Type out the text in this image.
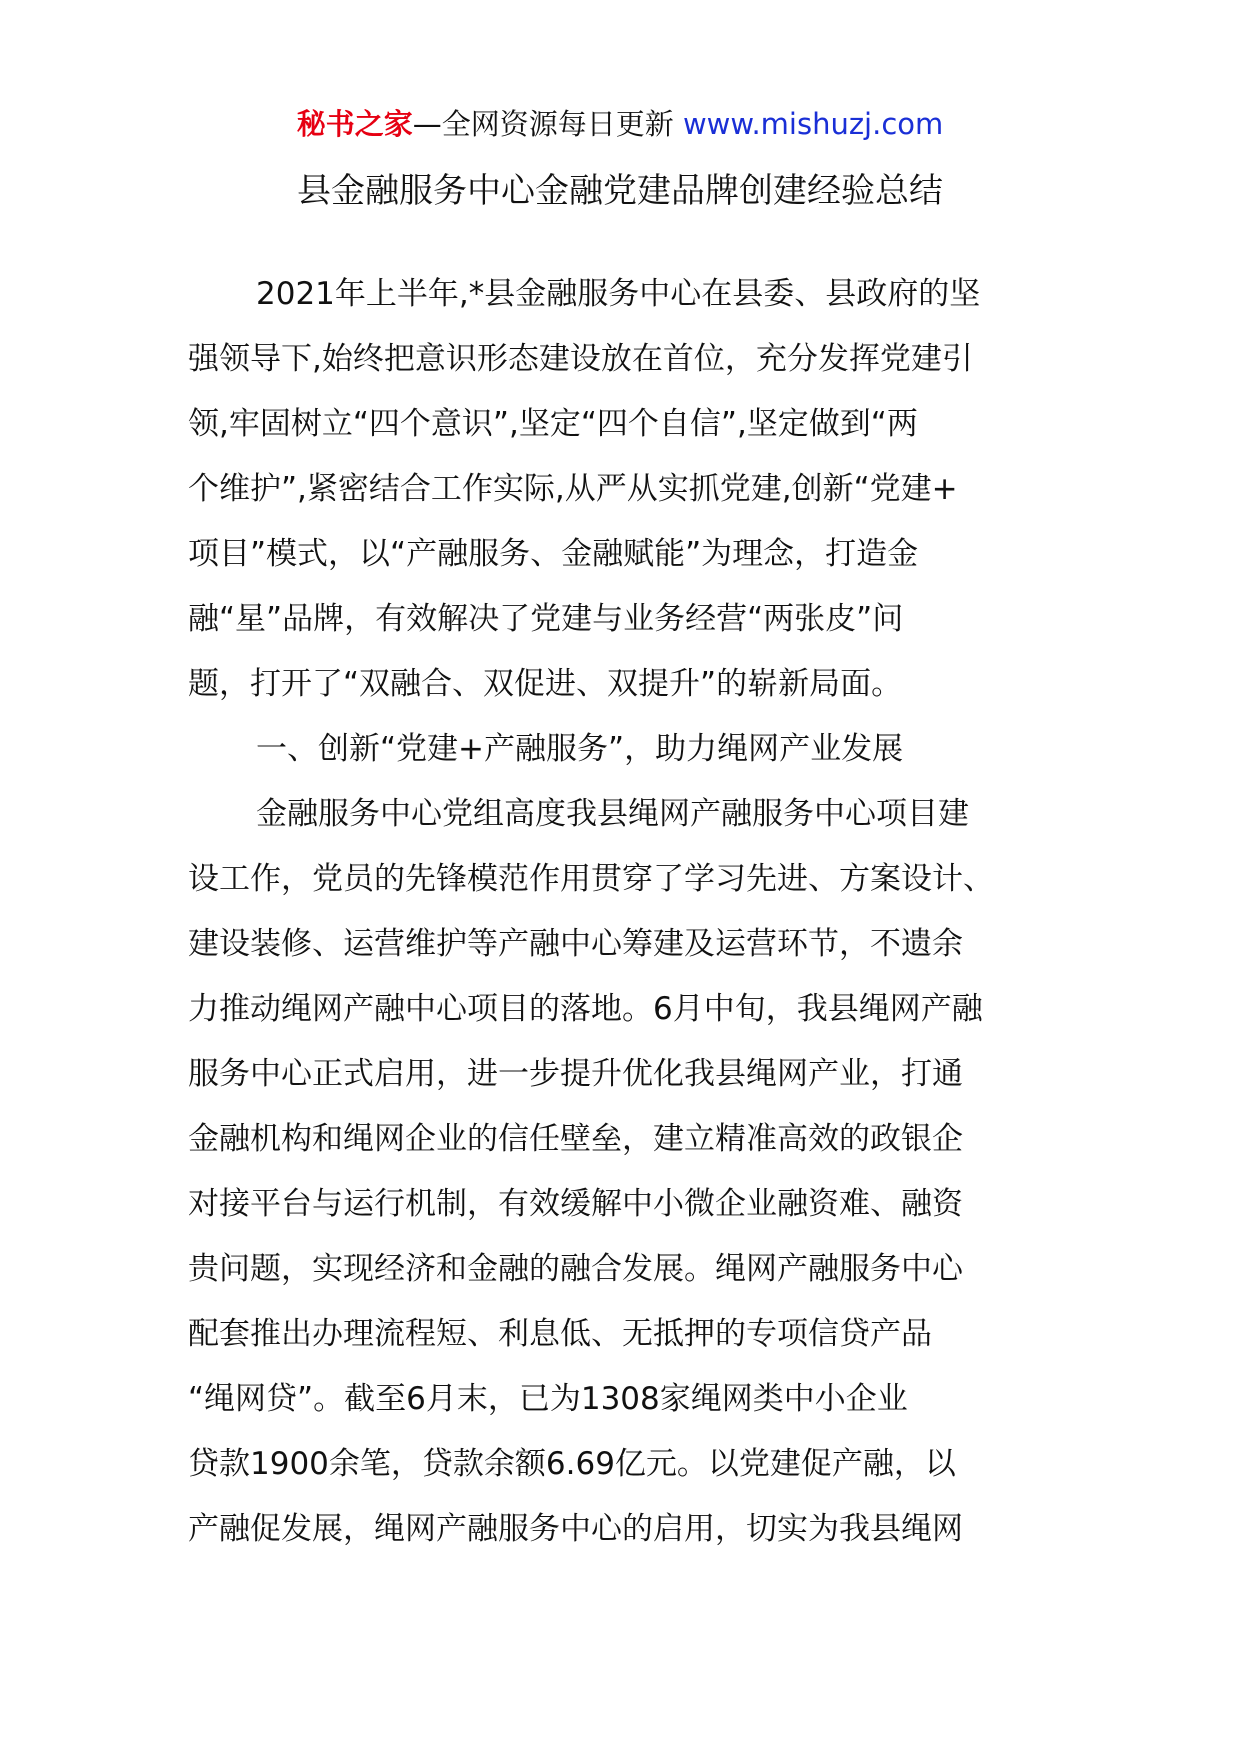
秘书之家—全网资源每日更新 www.mishuzj.com
县金融服务中心金融党建品牌创建经验总结
2021年上半年,*县金融服务中心在县委、县政府的坚
强领导下,始终把意识形态建设放在首位，充分发挥党建引
领,牢固树立“四个意识”,坚定“四个自信”,坚定做到“两
个维护”,紧密结合工作实际,从严从实抓党建,创新“党建+
项目”模式，以“产融服务、金融赋能”为理念，打造金
融“星”品牌，有效解决了党建与业务经营“两张皮”问
题，打开了“双融合、双促进、双提升”的崭新局面。
一、创新“党建+产融服务”，助力绳网产业发展
金融服务中心党组高度我县绳网产融服务中心项目建
设工作，党员的先锋模范作用贯穿了学习先进、方案设计、
建设装修、运营维护等产融中心筹建及运营环节，不遗余
力推动绳网产融中心项目的落地。6月中旬，我县绳网产融
服务中心正式启用，进一步提升优化我县绳网产业，打通
金融机构和绳网企业的信任壁垒，建立精准高效的政银企
对接平台与运行机制，有效缓解中小微企业融资难、融资
贵问题，实现经济和金融的融合发展。绳网产融服务中心
配套推出办理流程短、利息低、无抵押的专项信贷产品
“绳网贷”。截至6月末，已为1308家绳网类中小企业
贷款1900余笔，贷款余额6.69亿元。以党建促产融，以
产融促发展，绳网产融服务中心的启用，切实为我县绳网
